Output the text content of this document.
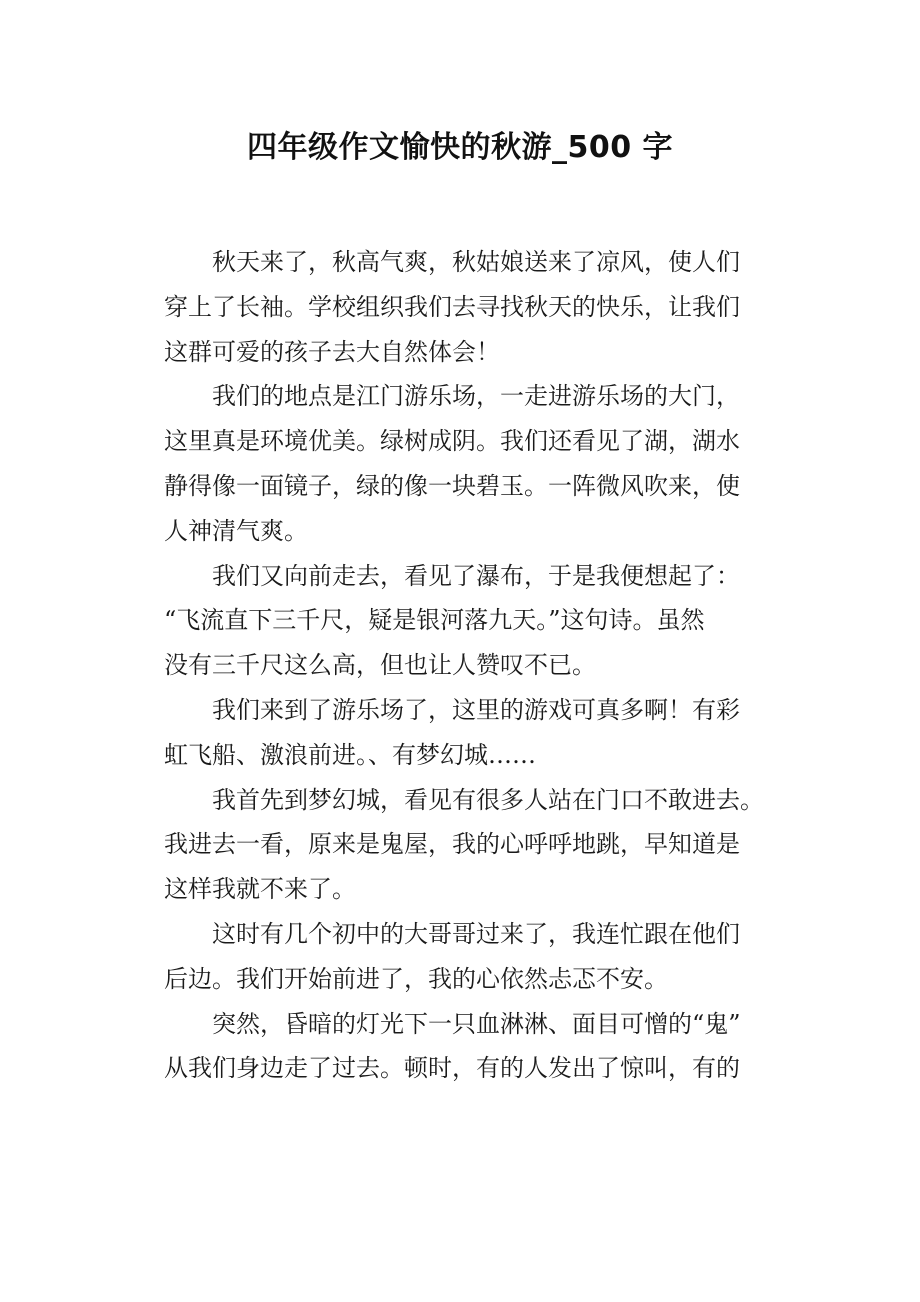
四年级作文愉快的秋游_500 字

秋天来了，秋高气爽，秋姑娘送来了凉风，使人们
穿上了长袖。学校组织我们去寻找秋天的快乐，让我们
这群可爱的孩子去大自然体会！

我们的地点是江门游乐场，一走进游乐场的大门，
这里真是环境优美。绿树成阴。我们还看见了湖，湖水
静得像一面镜子，绿的像一块碧玉。一阵微风吹来，使
人神清气爽。

我们又向前走去，看见了瀑布，于是我便想起了：
“飞流直下三千尺，疑是银河落九天。”这句诗。虽然
没有三千尺这么高，但也让人赞叹不已。

我们来到了游乐场了，这里的游戏可真多啊！有彩
虹飞船、激浪前进。、有梦幻城……

我首先到梦幻城，看见有很多人站在门口不敢进去。
我进去一看，原来是鬼屋，我的心呼呼地跳，早知道是
这样我就不来了。

这时有几个初中的大哥哥过来了，我连忙跟在他们
后边。我们开始前进了，我的心依然忐忑不安。

突然，昏暗的灯光下一只血淋淋、面目可憎的“鬼”
从我们身边走了过去。顿时，有的人发出了惊叫，有的
